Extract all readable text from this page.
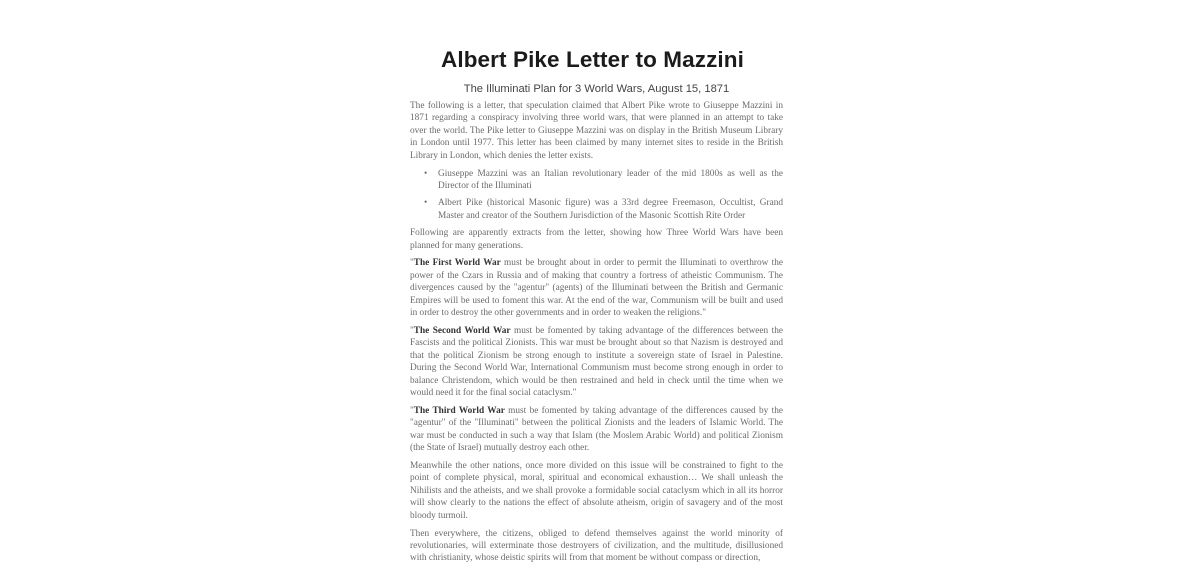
Albert Pike Letter to Mazzini
The Illuminati Plan for 3 World Wars, August 15, 1871

The following is a letter, that speculation claimed that Albert Pike wrote to Giuseppe Mazzini in 1871 regarding a conspiracy involving three world wars, that were planned in an attempt to take over the world. The Pike letter to Giuseppe Mazzini was on display in the British Museum Library in London until 1977. This letter has been claimed by many internet sites to reside in the British Library in London, which denies the letter exists.

• Giuseppe Mazzini was an Italian revolutionary leader of the mid 1800s as well as the Director of the Illuminati
• Albert Pike (historical Masonic figure) was a 33rd degree Freemason, Occultist, Grand Master and creator of the Southern Jurisdiction of the Masonic Scottish Rite Order

Following are apparently extracts from the letter, showing how Three World Wars have been planned for many generations.

"The First World War must be brought about in order to permit the Illuminati to overthrow the power of the Czars in Russia and of making that country a fortress of atheistic Communism. The divergences caused by the "agentur" (agents) of the Illuminati between the British and Germanic Empires will be used to foment this war. At the end of the war, Communism will be built and used in order to destroy the other governments and in order to weaken the religions."

"The Second World War must be fomented by taking advantage of the differences between the Fascists and the political Zionists. This war must be brought about so that Nazism is destroyed and that the political Zionism be strong enough to institute a sovereign state of Israel in Palestine. During the Second World War, International Communism must become strong enough in order to balance Christendom, which would be then restrained and held in check until the time when we would need it for the final social cataclysm."

"The Third World War must be fomented by taking advantage of the differences caused by the "agentur" of the "Illuminati" between the political Zionists and the leaders of Islamic World. The war must be conducted in such a way that Islam (the Moslem Arabic World) and political Zionism (the State of Israel) mutually destroy each other.

Meanwhile the other nations, once more divided on this issue will be constrained to fight to the point of complete physical, moral, spiritual and economical exhaustion… We shall unleash the Nihilists and the atheists, and we shall provoke a formidable social cataclysm which in all its horror will show clearly to the nations the effect of absolute atheism, origin of savagery and of the most bloody turmoil.

Then everywhere, the citizens, obliged to defend themselves against the world minority of revolutionaries, will exterminate those destroyers of civilization, and the multitude, disillusioned with christianity, whose deistic spirits will from that moment be without compass or direction,
